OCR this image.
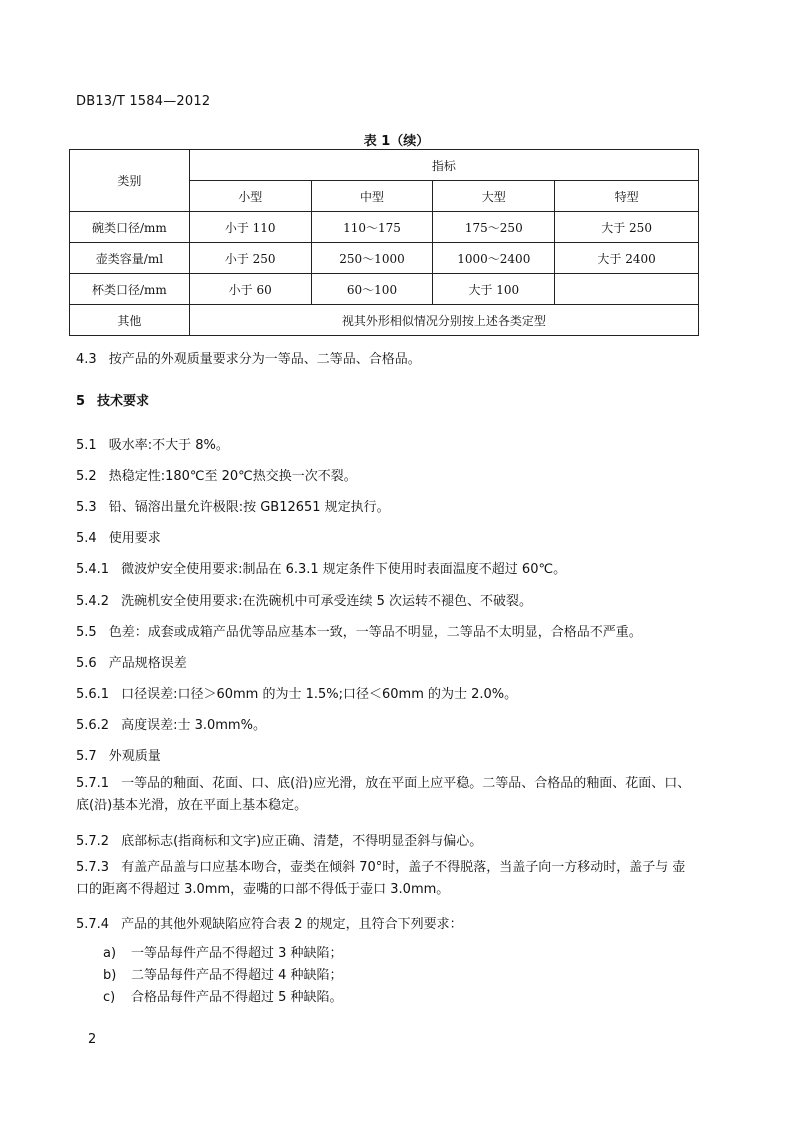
DB13/T 1584—2012
表 1（续）
类别	指标			
	小型	中型	大型	特型
碗类口径/mm	小于 110	110～175	175～250	大于 250
壶类容量/ml	小于 250	250～1000	1000～2400	大于 2400
杯类口径/mm	小于 60	60～100	大于 100	
其他	视其外形相似情况分别按上述各类定型			
4.3 按产品的外观质量要求分为一等品、二等品、合格品。
5 技术要求
5.1 吸水率:不大于 8%。
5.2 热稳定性:180℃至 20℃热交换一次不裂。
5.3 铅、镉溶出量允许极限:按 GB12651 规定执行。
5.4 使用要求
5.4.1 微波炉安全使用要求:制品在 6.3.1 规定条件下使用时表面温度不超过 60℃。
5.4.2 洗碗机安全使用要求:在洗碗机中可承受连续 5 次运转不褪色、不破裂。
5.5 色差：成套或成箱产品优等品应基本一致，一等品不明显，二等品不太明显，合格品不严重。
5.6 产品规格误差
5.6.1 口径误差:口径＞60mm 的为士 1.5%;口径＜60mm 的为士 2.0%。
5.6.2 高度误差:士 3.0mm%。
5.7 外观质量
5.7.1 一等品的釉面、花面、口、底(沿)应光滑，放在平面上应平稳。二等品、合格品的釉面、花面、口、底(沿)基本光滑，放在平面上基本稳定。
5.7.2 底部标志(指商标和文字)应正确、清楚，不得明显歪斜与偏心。
5.7.3 有盖产品盖与口应基本吻合，壶类在倾斜 70°时，盖子不得脱落，当盖子向一方移动时，盖子与 壶口的距离不得超过 3.0mm，壶嘴的口部不得低于壶口 3.0mm。
5.7.4 产品的其他外观缺陷应符合表 2 的规定，且符合下列要求：
a) 一等品每件产品不得超过 3 种缺陷；
b) 二等品每件产品不得超过 4 种缺陷；
c) 合格品每件产品不得超过 5 种缺陷。
2
